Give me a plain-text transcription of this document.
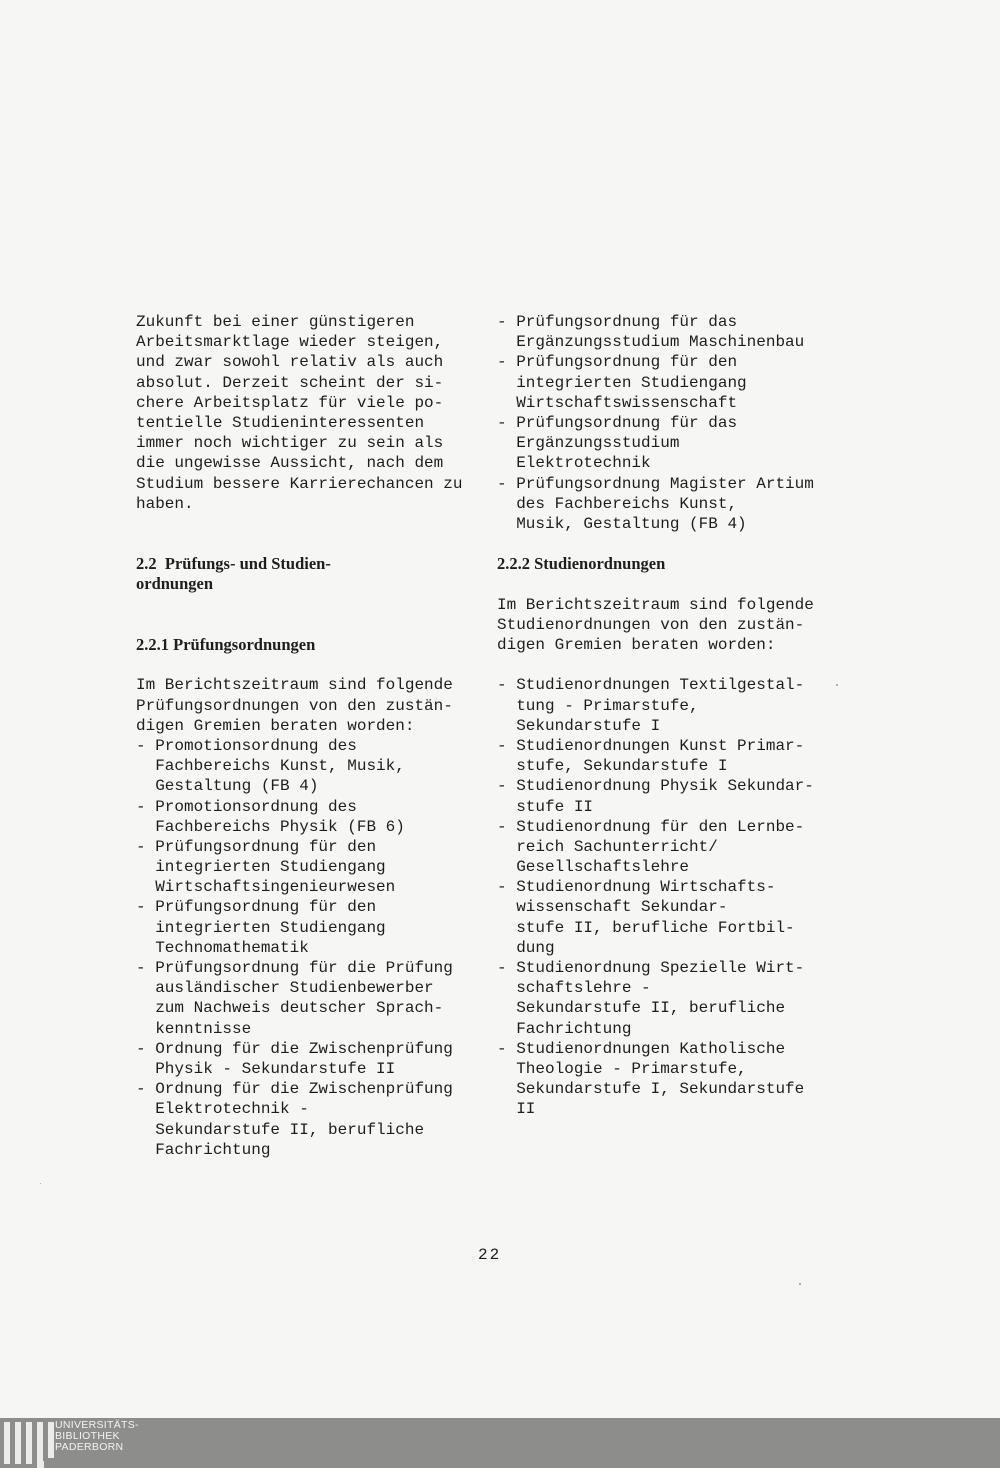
Zukunft bei einer günstigeren
Arbeitsmarktlage wieder steigen,
und zwar sowohl relativ als auch
absolut. Derzeit scheint der si-
chere Arbeitsplatz für viele po-
tentielle Studieninteressenten
immer noch wichtiger zu sein als
die ungewisse Aussicht, nach dem
Studium bessere Karrierechancen zu
haben.
2.2  Prüfungs- und Studien-
ordnungen
2.2.1 Prüfungsordnungen
Im Berichtszeitraum sind folgende
Prüfungsordnungen von den zustän-
digen Gremien beraten worden:
- Promotionsordnung des
Fachbereichs Kunst, Musik,
Gestaltung (FB 4)
- Promotionsordnung des
Fachbereichs Physik (FB 6)
- Prüfungsordnung für den
integrierten Studiengang
Wirtschaftsingenieurwesen
- Prüfungsordnung für den
integrierten Studiengang
Technomathematik
- Prüfungsordnung für die Prüfung
ausländischer Studienbewerber
zum Nachweis deutscher Sprach-
kenntnisse
- Ordnung für die Zwischenprüfung
Physik - Sekundarstufe II
- Ordnung für die Zwischenprüfung
Elektrotechnik -
Sekundarstufe II, berufliche
Fachrichtung
- Prüfungsordnung für das
Ergänzungsstudium Maschinenbau
- Prüfungsordnung für den
integrierten Studiengang
Wirtschaftswissenschaft
- Prüfungsordnung für das
Ergänzungsstudium
Elektrotechnik
- Prüfungsordnung Magister Artium
des Fachbereichs Kunst,
Musik, Gestaltung (FB 4)
2.2.2 Studienordnungen
Im Berichtszeitraum sind folgende
Studienordnungen von den zustän-
digen Gremien beraten worden:
- Studienordnungen Textilgestal-
tung - Primarstufe,
Sekundarstufe I
- Studienordnungen Kunst Primar-
stufe, Sekundarstufe I
- Studienordnung Physik Sekundar-
stufe II
- Studienordnung für den Lernbe-
reich Sachunterricht/
Gesellschaftslehre
- Studienordnung Wirtschafts-
wissenschaft Sekundar-
stufe II, berufliche Fortbil-
dung
- Studienordnung Spezielle Wirt-
schaftslehre -
Sekundarstufe II, berufliche
Fachrichtung
- Studienordnungen Katholische
Theologie - Primarstufe,
Sekundarstufe I, Sekundarstufe
II
22
UNIVERSITÄTS-
BIBLIOTHEK
PADERBORN
